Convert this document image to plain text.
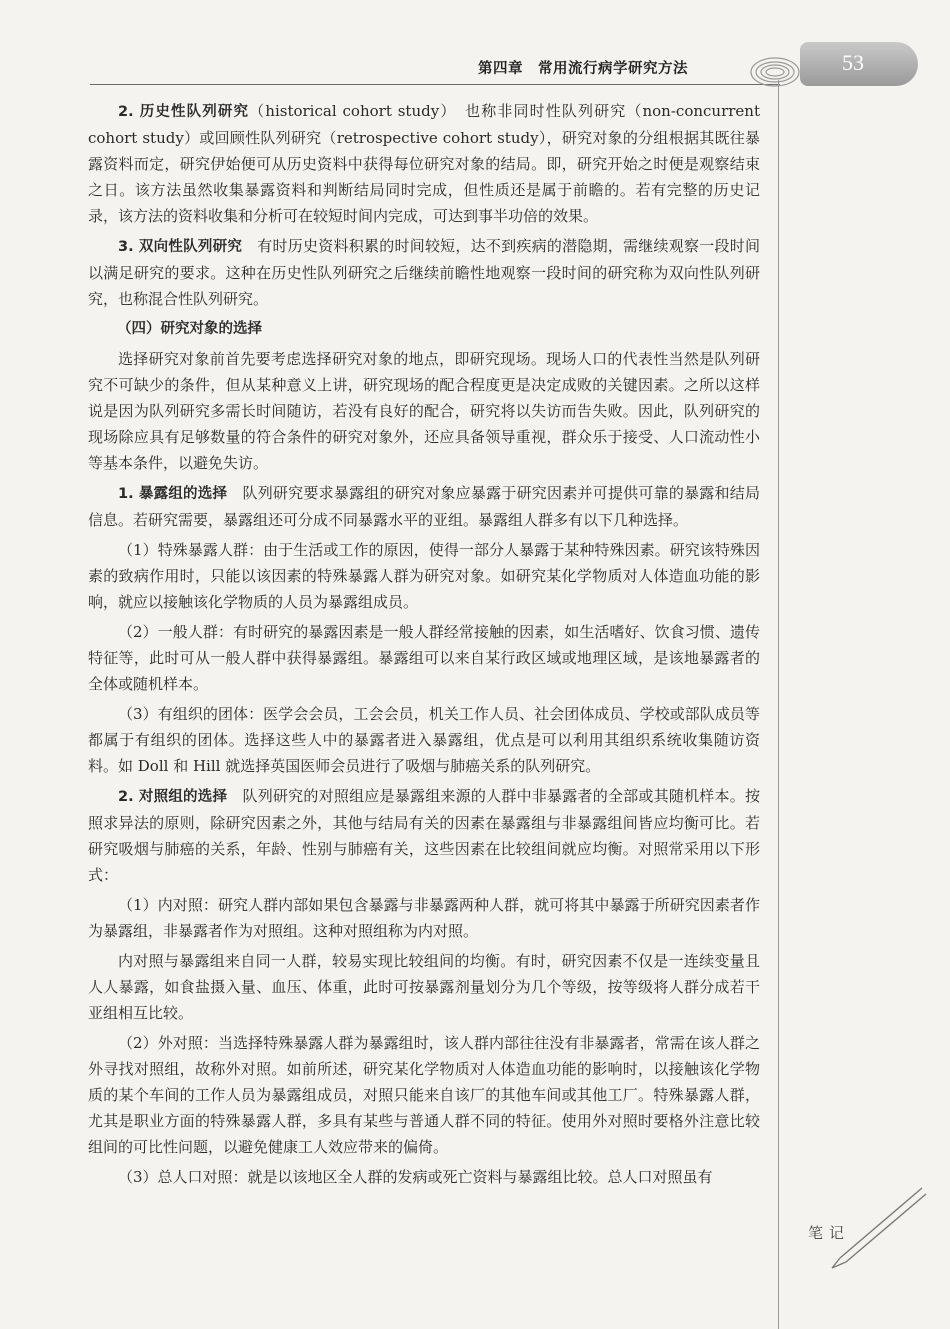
第四章　常用流行病学研究方法	53

2. 历史性队列研究（historical cohort study）　也称非同时性队列研究（non-concurrent cohort study）或回顾性队列研究（retrospective cohort study），研究对象的分组根据其既往暴露资料而定，研究伊始便可从历史资料中获得每位研究对象的结局。即，研究开始之时便是观察结束之日。该方法虽然收集暴露资料和判断结局同时完成，但性质还是属于前瞻的。若有完整的历史记录，该方法的资料收集和分析可在较短时间内完成，可达到事半功倍的效果。

3. 双向性队列研究　有时历史资料积累的时间较短，达不到疾病的潜隐期，需继续观察一段时间以满足研究的要求。这种在历史性队列研究之后继续前瞻性地观察一段时间的研究称为双向性队列研究，也称混合性队列研究。

（四）研究对象的选择

选择研究对象前首先要考虑选择研究对象的地点，即研究现场。现场人口的代表性当然是队列研究不可缺少的条件，但从某种意义上讲，研究现场的配合程度更是决定成败的关键因素。之所以这样说是因为队列研究多需长时间随访，若没有良好的配合，研究将以失访而告失败。因此，队列研究的现场除应具有足够数量的符合条件的研究对象外，还应具备领导重视，群众乐于接受、人口流动性小等基本条件，以避免失访。

1. 暴露组的选择　队列研究要求暴露组的研究对象应暴露于研究因素并可提供可靠的暴露和结局信息。若研究需要，暴露组还可分成不同暴露水平的亚组。暴露组人群多有以下几种选择。

（1）特殊暴露人群：由于生活或工作的原因，使得一部分人暴露于某种特殊因素。研究该特殊因素的致病作用时，只能以该因素的特殊暴露人群为研究对象。如研究某化学物质对人体造血功能的影响，就应以接触该化学物质的人员为暴露组成员。

（2）一般人群：有时研究的暴露因素是一般人群经常接触的因素，如生活嗜好、饮食习惯、遗传特征等，此时可从一般人群中获得暴露组。暴露组可以来自某行政区域或地理区域，是该地暴露者的全体或随机样本。

（3）有组织的团体：医学会会员，工会会员，机关工作人员、社会团体成员、学校或部队成员等都属于有组织的团体。选择这些人中的暴露者进入暴露组，优点是可以利用其组织系统收集随访资料。如 Doll 和 Hill 就选择英国医师会员进行了吸烟与肺癌关系的队列研究。

2. 对照组的选择　队列研究的对照组应是暴露组来源的人群中非暴露者的全部或其随机样本。按照求异法的原则，除研究因素之外，其他与结局有关的因素在暴露组与非暴露组间皆应均衡可比。若研究吸烟与肺癌的关系，年龄、性别与肺癌有关，这些因素在比较组间就应均衡。对照常采用以下形式：

（1）内对照：研究人群内部如果包含暴露与非暴露两种人群，就可将其中暴露于所研究因素者作为暴露组，非暴露者作为对照组。这种对照组称为内对照。

内对照与暴露组来自同一人群，较易实现比较组间的均衡。有时，研究因素不仅是一连续变量且人人暴露，如食盐摄入量、血压、体重，此时可按暴露剂量划分为几个等级，按等级将人群分成若干亚组相互比较。

（2）外对照：当选择特殊暴露人群为暴露组时，该人群内部往往没有非暴露者，常需在该人群之外寻找对照组，故称外对照。如前所述，研究某化学物质对人体造血功能的影响时，以接触该化学物质的某个车间的工作人员为暴露组成员，对照只能来自该厂的其他车间或其他工厂。特殊暴露人群，尤其是职业方面的特殊暴露人群，多具有某些与普通人群不同的特征。使用外对照时要格外注意比较组间的可比性问题，以避免健康工人效应带来的偏倚。

（3）总人口对照：就是以该地区全人群的发病或死亡资料与暴露组比较。总人口对照虽有

笔记
